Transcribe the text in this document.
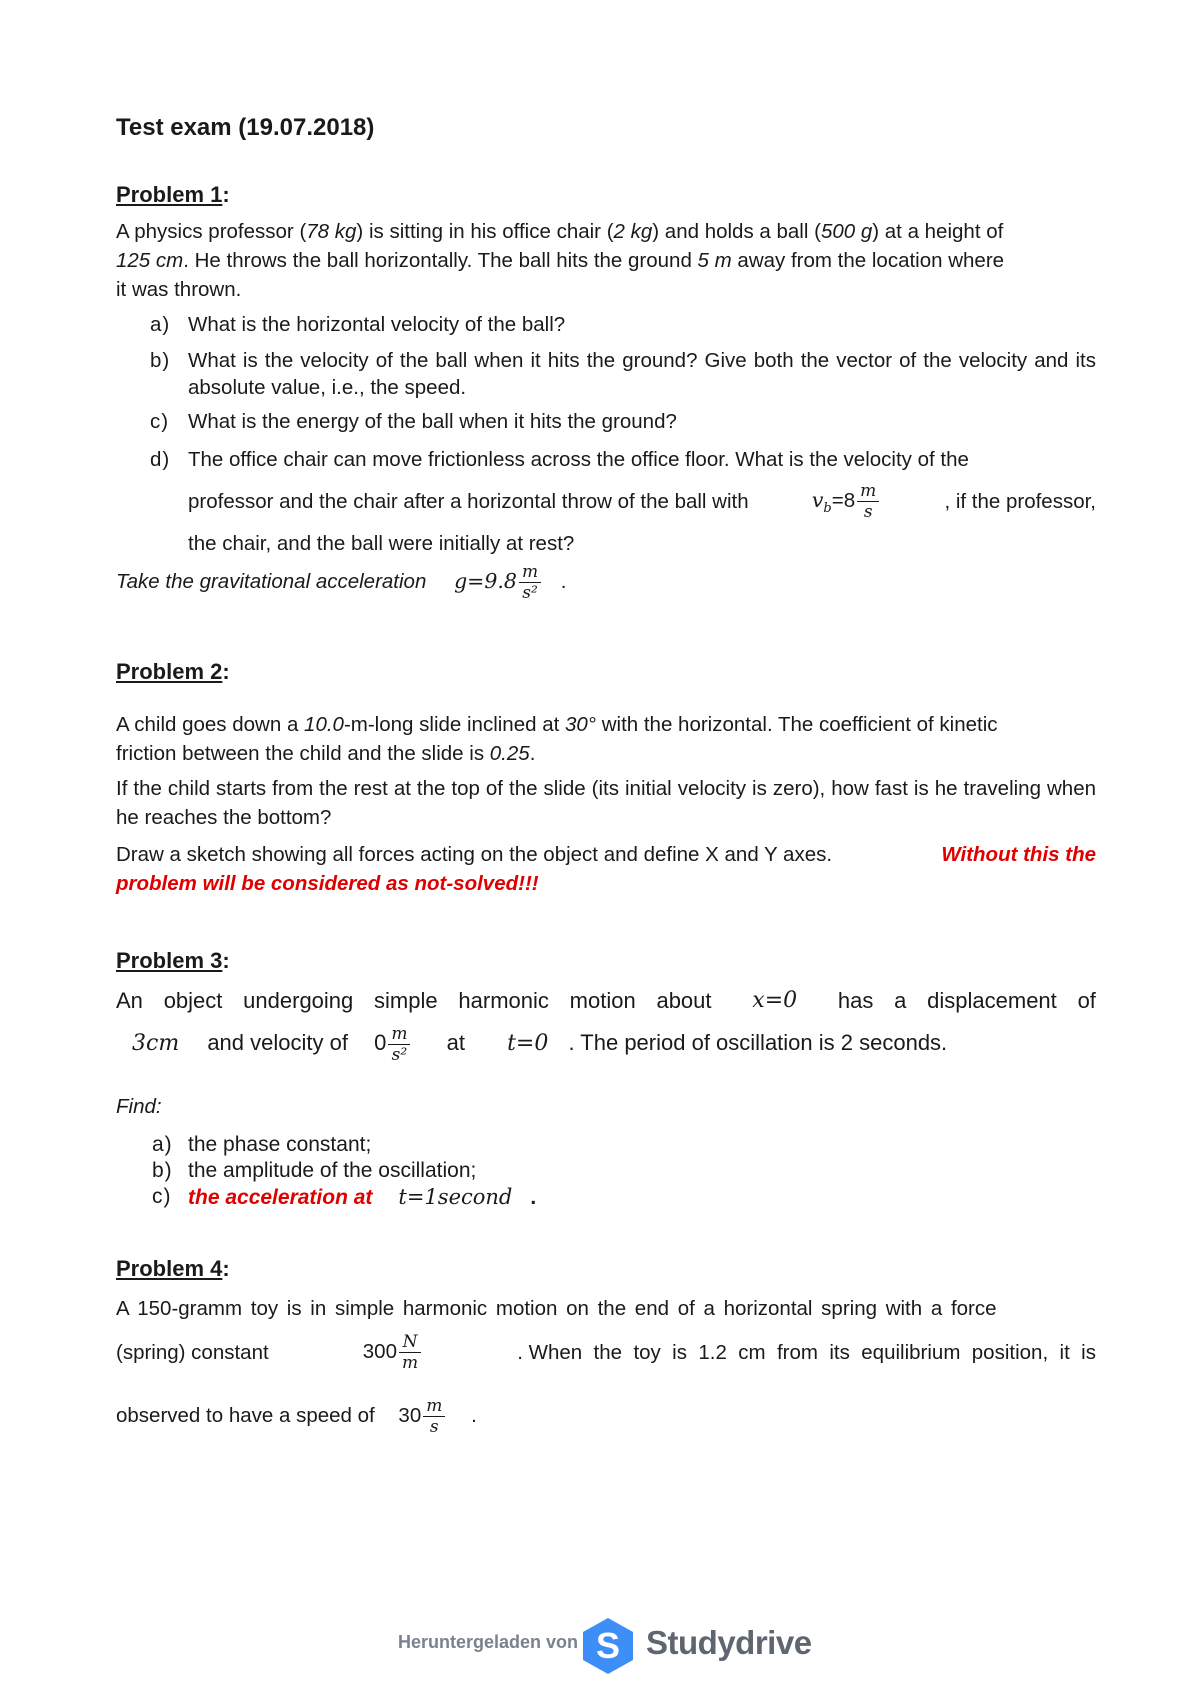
Test exam (19.07.2018)
Problem 1:
A physics professor (78 kg) is sitting in his office chair (2 kg) and holds a ball (500 g) at a height of
125 cm. He throws the ball horizontally. The ball hits the ground 5 m away from the location where
it was thrown.
a) What is the horizontal velocity of the ball?
b) What is the velocity of the ball when it hits the ground? Give both the vector of the velocity and its absolute value, i.e., the speed.
c) What is the energy of the ball when it hits the ground?
d) The office chair can move frictionless across the office floor. What is the velocity of the
professor and the chair after a horizontal throw of the ball with	$v_b=8 \frac{m}{s}$	, if the professor,
the chair, and the ball were initially at rest?
Take the gravitational acceleration $g=9.8 \frac{m}{\text{s²}}$ .
Problem 2:
A child goes down a 10.0-m-long slide inclined at 30° with the horizontal. The coefficient of kinetic
friction between the child and the slide is 0.25.
If the child starts from the rest at the top of the slide (its initial velocity is zero), how fast is he traveling when he reaches the bottom?
Draw a sketch showing all forces acting on the object and define X and Y axes.	Without this the
problem will be considered as not-solved!!!
Problem 3:
An object undergoing simple harmonic motion about x=0 has a displacement of
3cm and velocity of $0 \frac{m}{\text{s²}}$ at t=0 . The period of oscillation is 2 seconds.
Find:
a) the phase constant;
b) the amplitude of the oscillation;
c) the acceleration at t=1second .
Problem 4:
A 150-gramm toy is in simple harmonic motion on the end of a horizontal spring with a force
(spring) constant	$300 \frac{N}{m}$	. When  the  toy  is  1.2  cm  from  its  equilibrium  position,  it  is
observed to have a speed of $30 \frac{m}{s}$ .
Heruntergeladen von S Studydrive
